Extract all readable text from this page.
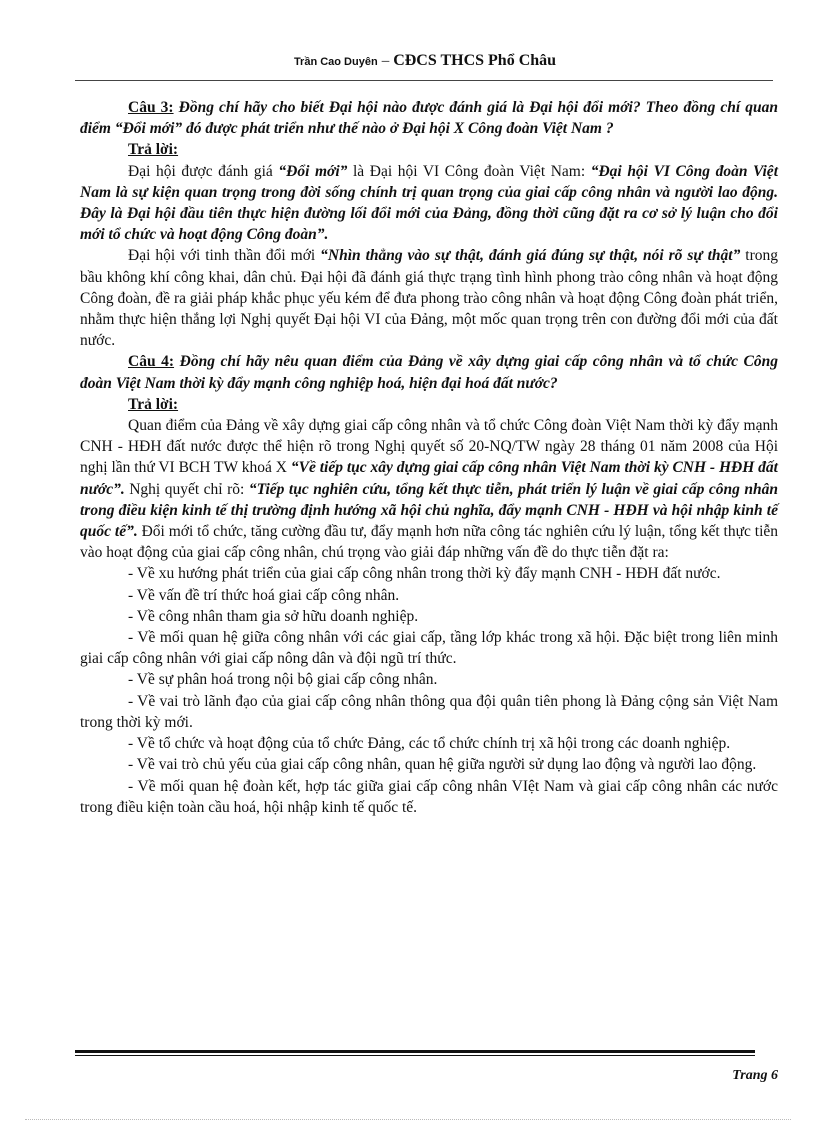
Trần Cao Duyên – CĐCS THCS Phổ Châu

Câu 3: Đồng chí hãy cho biết Đại hội nào được đánh giá là Đại hội đổi mới? Theo đồng chí quan điểm “Đổi mới” đó được phát triển như thế nào ở Đại hội X Công đoàn Việt Nam ?

Trả lời:

Đại hội được đánh giá “Đổi mới” là Đại hội VI Công đoàn Việt Nam: “Đại hội VI Công đoàn Việt Nam là sự kiện quan trọng trong đời sống chính trị quan trọng của giai cấp công nhân và người lao động. Đây là Đại hội đầu tiên thực hiện đường lối đổi mới của Đảng, đồng thời cũng đặt ra cơ sở lý luận cho đổi mới tổ chức và hoạt động Công đoàn”.

Đại hội với tinh thần đổi mới “Nhìn thẳng vào sự thật, đánh giá đúng sự thật, nói rõ sự thật” trong bầu không khí công khai, dân chủ. Đại hội đã đánh giá thực trạng tình hình phong trào công nhân và hoạt động Công đoàn, đề ra giải pháp khắc phục yếu kém để đưa phong trào công nhân và hoạt động Công đoàn phát triển, nhằm thực hiện thắng lợi Nghị quyết Đại hội VI của Đảng, một mốc quan trọng trên con đường đổi mới của đất nước.

Câu 4: Đồng chí hãy nêu quan điểm của Đảng về xây dựng giai cấp công nhân và tổ chức Công đoàn Việt Nam thời kỳ đẩy mạnh công nghiệp hoá, hiện đại hoá đất nước?

Trả lời:

Quan điểm của Đảng về xây dựng giai cấp công nhân và tổ chức Công đoàn Việt Nam thời kỳ đẩy mạnh CNH - HĐH đất nước được thể hiện rõ trong Nghị quyết số 20-NQ/TW ngày 28 tháng 01 năm 2008 của Hội nghị lần thứ VI BCH TW khoá X “Về tiếp tục xây dựng giai cấp công nhân Việt Nam thời kỳ CNH - HĐH đất nước”. Nghị quyết chỉ rõ: “Tiếp tục nghiên cứu, tổng kết thực tiễn, phát triển lý luận về giai cấp công nhân trong điều kiện kinh tế thị trường định hướng xã hội chủ nghĩa, đẩy mạnh CNH - HĐH và hội nhập kinh tế quốc tế”. Đổi mới tổ chức, tăng cường đầu tư, đẩy mạnh hơn nữa công tác nghiên cứu lý luận, tổng kết thực tiễn vào hoạt động của giai cấp công nhân, chú trọng vào giải đáp những vấn đề do thực tiễn đặt ra:

- Về xu hướng phát triển của giai cấp công nhân trong thời kỳ đẩy mạnh CNH - HĐH đất nước.

- Về vấn đề trí thức hoá giai cấp công nhân.

- Về công nhân tham gia sở hữu doanh nghiệp.

- Về mối quan hệ giữa công nhân với các giai cấp, tầng lớp khác trong xã hội. Đặc biệt trong liên minh giai cấp công nhân với giai cấp nông dân và đội ngũ trí thức.

- Về sự phân hoá trong nội bộ giai cấp công nhân.

- Về vai trò lãnh đạo của giai cấp công nhân thông qua đội quân tiên phong là Đảng cộng sản Việt Nam trong thời kỳ mới.

- Về tổ chức và hoạt động của tổ chức Đảng, các tổ chức chính trị xã hội trong các doanh nghiệp.

- Về vai trò chủ yếu của giai cấp công nhân, quan hệ giữa người sử dụng lao động và người lao động.

- Về mối quan hệ đoàn kết, hợp tác giữa giai cấp công nhân VIệt Nam và giai cấp công nhân các nước trong điều kiện toàn cầu hoá, hội nhập kinh tế quốc tế.

Trang 6
